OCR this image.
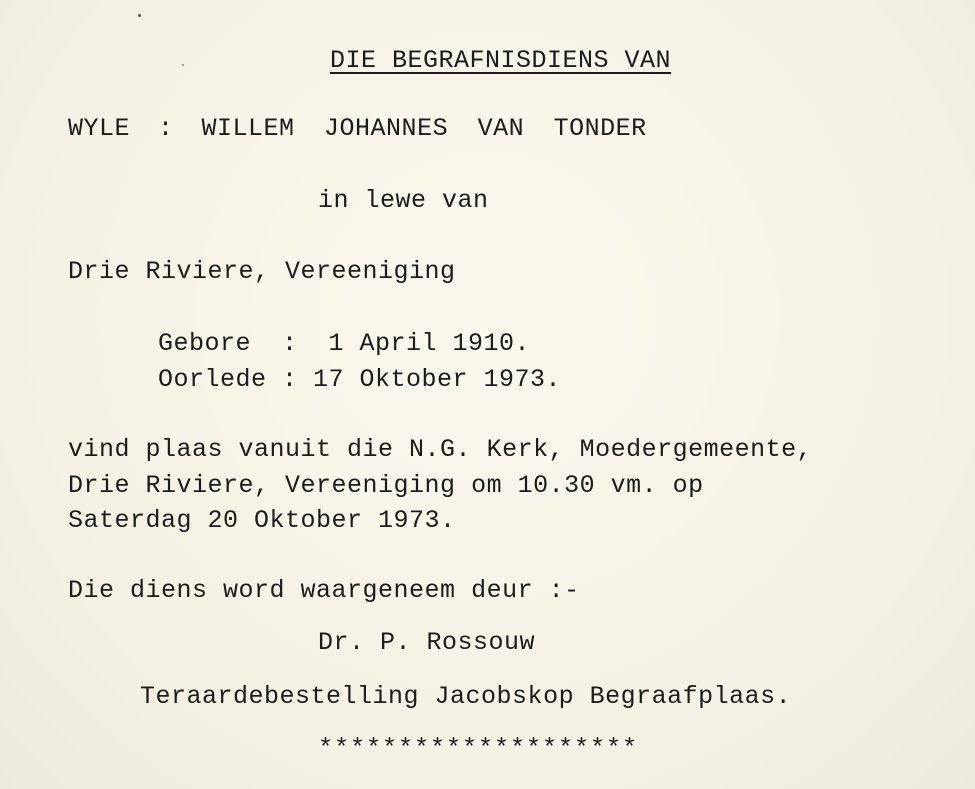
DIE BEGRAFNISDIENS VAN
WYLE : WILLEM JOHANNES VAN TONDER
in lewe van
Drie Riviere, Vereeniging
Gebore  :  1 April 1910.
Oorlede : 17 Oktober 1973.
vind plaas vanuit die N.G. Kerk, Moedergemeente,
Drie Riviere, Vereeniging om 10.30 vm. op
Saterdag 20 Oktober 1973.
Die diens word waargeneem deur :-
Dr. P. Rossouw
Teraardebestelling Jacobskop Begraafplaas.
********************
